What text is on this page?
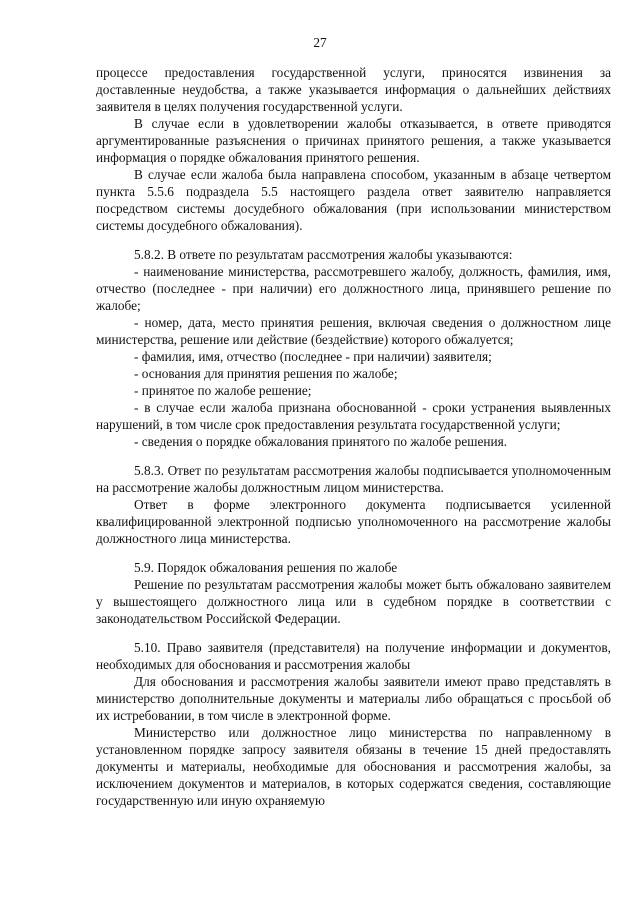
27

процессе предоставления государственной услуги, приносятся извинения за доставленные неудобства, а также указывается информация о дальнейших действиях заявителя в целях получения государственной услуги.

В случае если в удовлетворении жалобы отказывается, в ответе приводятся аргументированные разъяснения о причинах принятого решения, а также указывается информация о порядке обжалования принятого решения.

В случае если жалоба была направлена способом, указанным в абзаце четвертом пункта 5.5.6 подраздела 5.5 настоящего раздела ответ заявителю направляется посредством системы досудебного обжалования (при использовании министерством системы досудебного обжалования).

5.8.2. В ответе по результатам рассмотрения жалобы указываются:

- наименование министерства, рассмотревшего жалобу, должность, фамилия, имя, отчество (последнее - при наличии) его должностного лица, принявшего решение по жалобе;

- номер, дата, место принятия решения, включая сведения о должностном лице министерства, решение или действие (бездействие) которого обжалуется;

- фамилия, имя, отчество (последнее - при наличии) заявителя;

- основания для принятия решения по жалобе;

- принятое по жалобе решение;

- в случае если жалоба признана обоснованной - сроки устранения выявленных нарушений, в том числе срок предоставления результата государственной услуги;

- сведения о порядке обжалования принятого по жалобе решения.

5.8.3. Ответ по результатам рассмотрения жалобы подписывается уполномоченным на рассмотрение жалобы должностным лицом министерства.

Ответ в форме электронного документа подписывается усиленной квалифицированной электронной подписью уполномоченного на рассмотрение жалобы должностного лица министерства.

5.9. Порядок обжалования решения по жалобе

Решение по результатам рассмотрения жалобы может быть обжаловано заявителем у вышестоящего должностного лица или в судебном порядке в соответствии с законодательством Российской Федерации.

5.10. Право заявителя (представителя) на получение информации и документов, необходимых для обоснования и рассмотрения жалобы

Для обоснования и рассмотрения жалобы заявители имеют право представлять в министерство дополнительные документы и материалы либо обращаться с просьбой об их истребовании, в том числе в электронной форме.

Министерство или должностное лицо министерства по направленному в установленном порядке запросу заявителя обязаны в течение 15 дней предоставлять документы и материалы, необходимые для обоснования и рассмотрения жалобы, за исключением документов и материалов, в которых содержатся сведения, составляющие государственную или иную охраняемую
